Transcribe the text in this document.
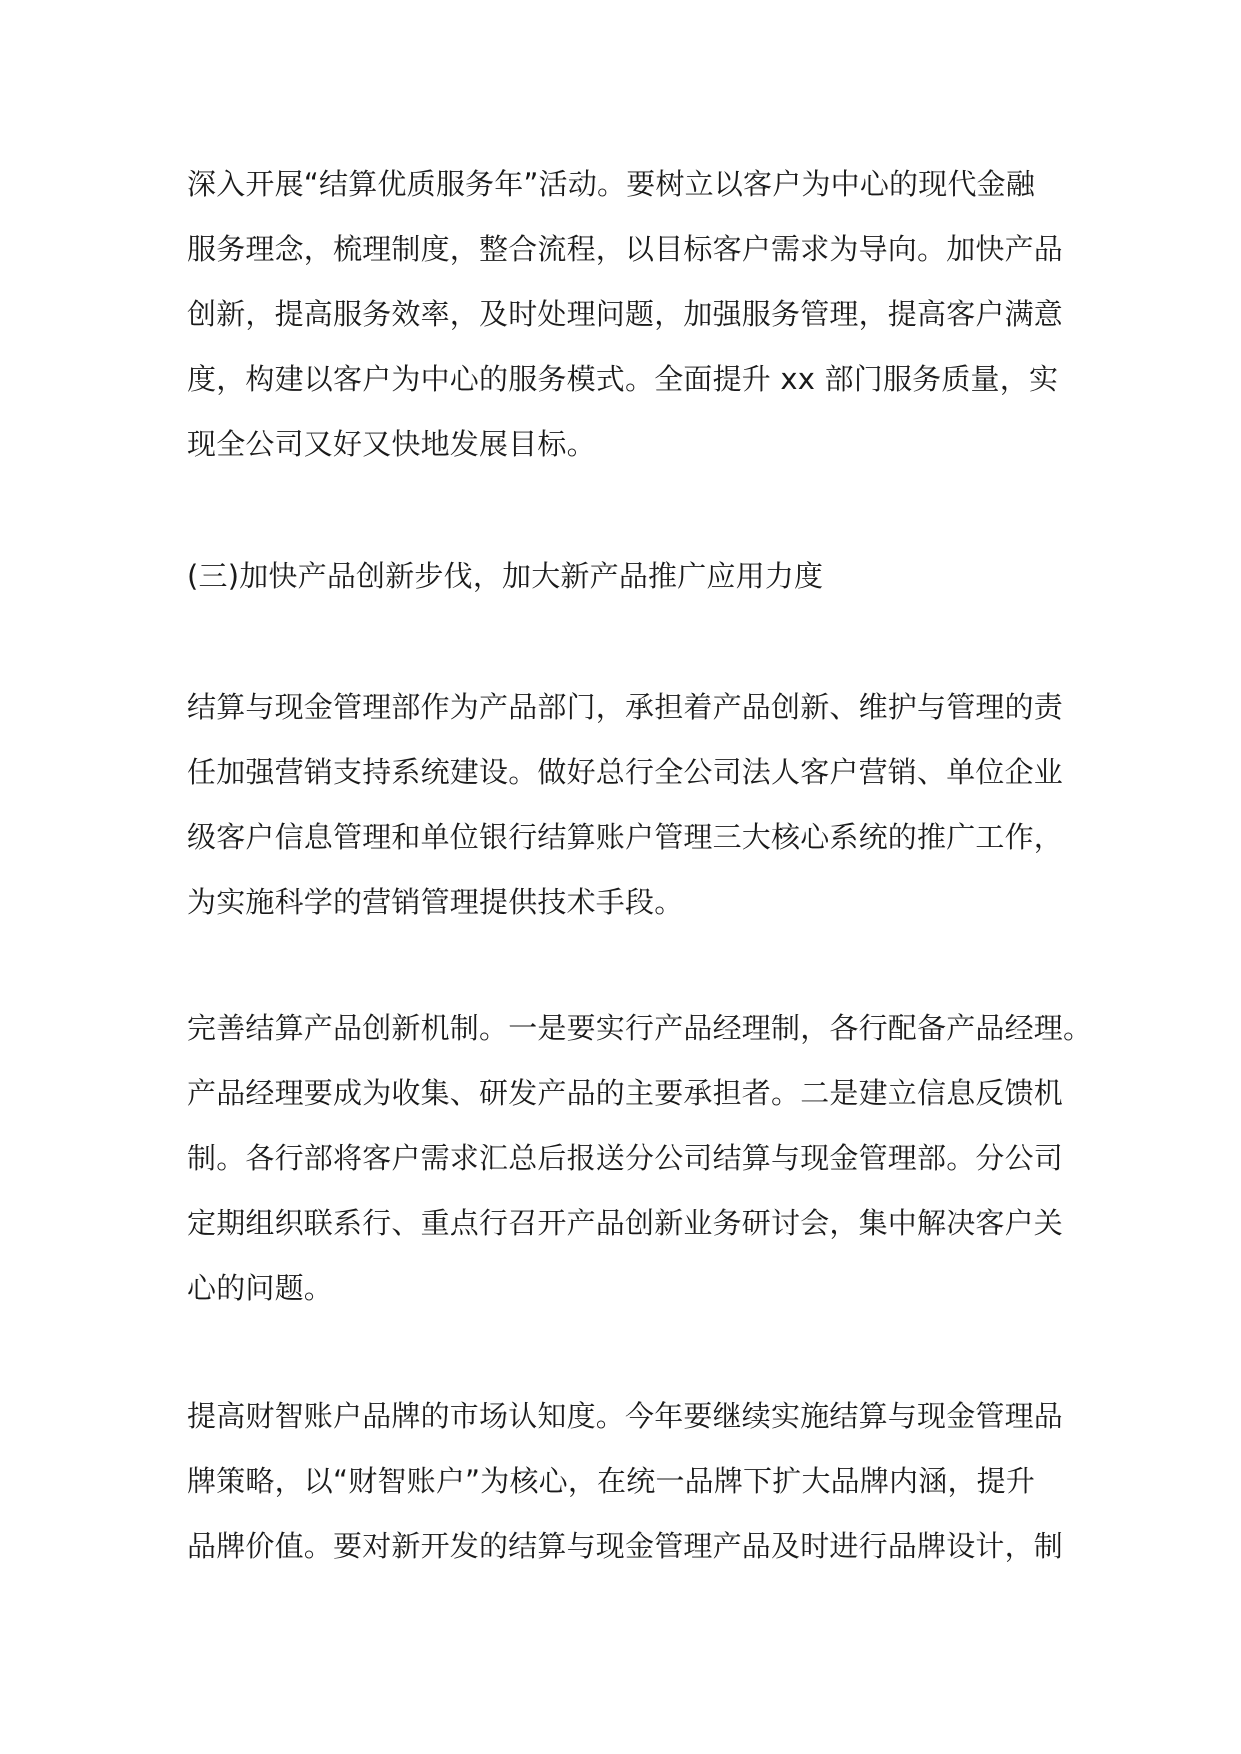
深入开展“结算优质服务年”活动。要树立以客户为中心的现代金融
服务理念，梳理制度，整合流程，以目标客户需求为导向。加快产品
创新，提高服务效率，及时处理问题，加强服务管理，提高客户满意
度，构建以客户为中心的服务模式。全面提升 xx 部门服务质量，实
现全公司又好又快地发展目标。
(三)加快产品创新步伐，加大新产品推广应用力度
结算与现金管理部作为产品部门，承担着产品创新、维护与管理的责
任加强营销支持系统建设。做好总行全公司法人客户营销、单位企业
级客户信息管理和单位银行结算账户管理三大核心系统的推广工作，
为实施科学的营销管理提供技术手段。
完善结算产品创新机制。一是要实行产品经理制，各行配备产品经理。
产品经理要成为收集、研发产品的主要承担者。二是建立信息反馈机
制。各行部将客户需求汇总后报送分公司结算与现金管理部。分公司
定期组织联系行、重点行召开产品创新业务研讨会，集中解决客户关
心的问题。
提高财智账户品牌的市场认知度。今年要继续实施结算与现金管理品
牌策略，以“财智账户”为核心，在统一品牌下扩大品牌内涵，提升
品牌价值。要对新开发的结算与现金管理产品及时进行品牌设计，制
